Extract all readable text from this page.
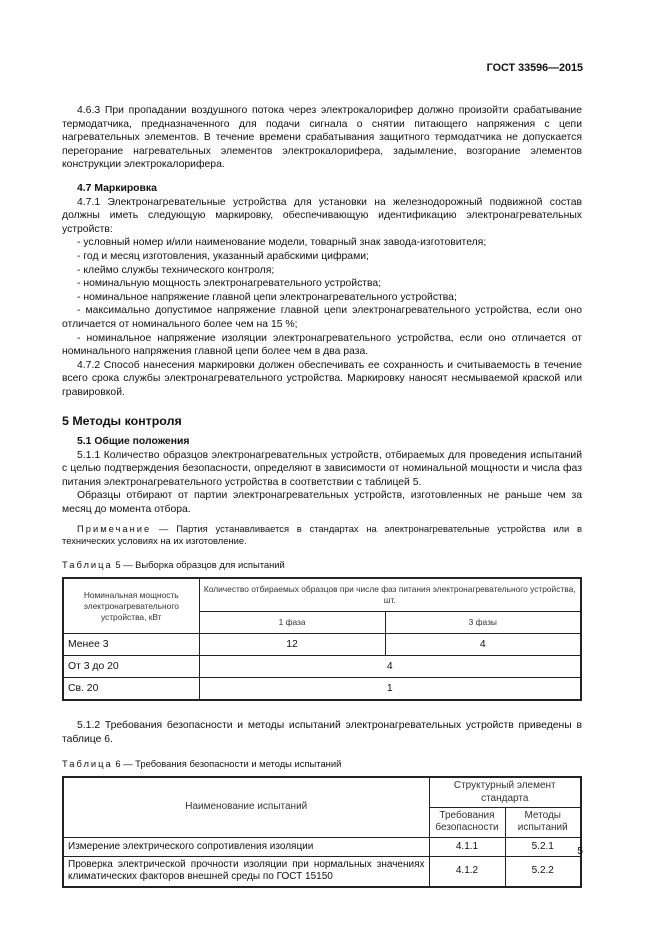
ГОСТ 33596—2015

4.6.3 При пропадании воздушного потока через электрокалорифер должно произойти срабатывание термодатчика, предназначенного для подачи сигнала о снятии питающего напряжения с цепи нагревательных элементов. В течение времени срабатывания защитного термодатчика не допускается перегорание нагревательных элементов электрокалорифера, задымление, возгорание элементов конструкции электрокалорифера.

4.7 Маркировка

4.7.1 Электронагревательные устройства для установки на железнодорожный подвижной состав должны иметь следующую маркировку, обеспечивающую идентификацию электронагревательных устройств:

- условный номер и/или наименование модели, товарный знак завода-изготовителя;

- год и месяц изготовления, указанный арабскими цифрами;

- клеймо службы технического контроля;

- номинальную мощность электронагревательного устройства;

- номинальное напряжение главной цепи электронагревательного устройства;

- максимально допустимое напряжение главной цепи электронагревательного устройства, если оно отличается от номинального более чем на 15 %;

- номинальное напряжение изоляции электронагревательного устройства, если оно отличается от номинального напряжения главной цепи более чем в два раза.

4.7.2 Способ нанесения маркировки должен обеспечивать ее сохранность и считываемость в течение всего срока службы электронагревательного устройства. Маркировку наносят несмываемой краской или гравировкой.

5 Методы контроля

5.1 Общие положения

5.1.1 Количество образцов электронагревательных устройств, отбираемых для проведения испытаний с целью подтверждения безопасности, определяют в зависимости от номинальной мощности и числа фаз питания электронагревательного устройства в соответствии с таблицей 5.

Образцы отбирают от партии электронагревательных устройств, изготовленных не раньше чем за месяц до момента отбора.

Примечание — Партия устанавливается в стандартах на электронагревательные устройства или в технических условиях на их изготовление.

Таблица 5 — Выборка образцов для испытаний

Номинальная мощность электронагревательного устройства, кВт	Количество отбираемых образцов при числе фаз питания электронагревательного устройства, шт.	
	1 фаза	3 фазы
Менее 3	12	4
От 3 до 20	4	
Св. 20	1	

5.1.2 Требования безопасности и методы испытаний электронагревательных устройств приведены в таблице 6.

Таблица 6 — Требования безопасности и методы испытаний

Наименование испытаний	Структурный элемент стандарта	
	Требования безопасности	Методы испытаний
Измерение электрического сопротивления изоляции	4.1.1	5.2.1
Проверка электрической прочности изоляции при нормальных значениях климатических факторов внешней среды по ГОСТ 15150	4.1.2	5.2.2
5
